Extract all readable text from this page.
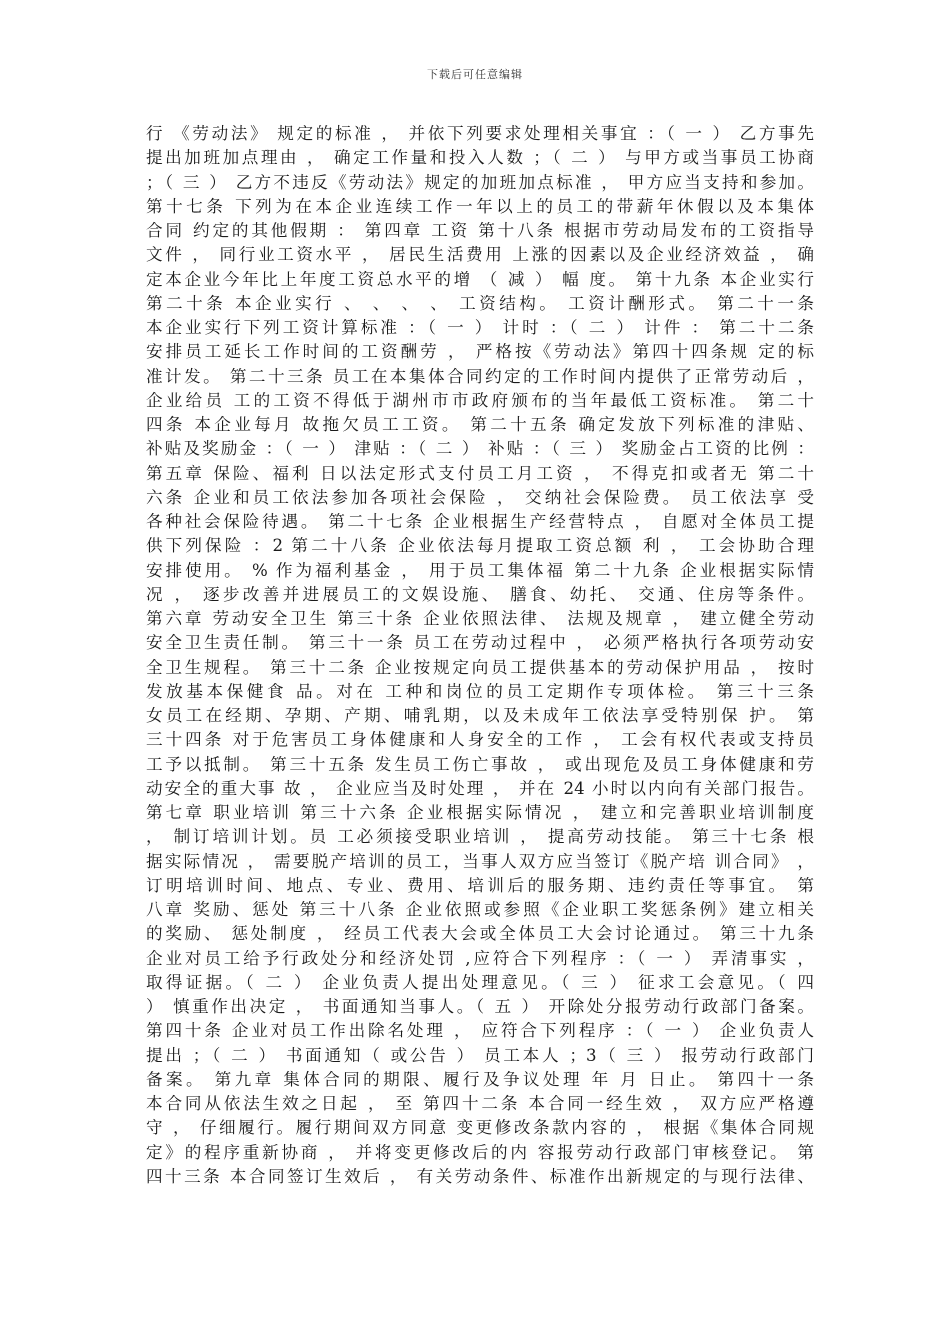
下载后可任意编辑
行 《劳动法》 规定的标准 ， 并依下列要求处理相关事宜 ：（ 一 ） 乙方事先
提出加班加点理由 ， 确定工作量和投入人数 ；（ 二 ） 与甲方或当事员工协商
；（ 三 ） 乙方不违反《劳动法》规定的加班加点标准 ， 甲方应当支持和参加。
第十七条 下列为在本企业连续工作一年以上的员工的带薪年休假以及本集体
合同 约定的其他假期 ： 第四章 工资 第十八条 根据市劳动局发布的工资指导
文件 ， 同行业工资水平 ， 居民生活费用 上涨的因素以及企业经济效益 ， 确
定本企业今年比上年度工资总水平的增 （ 减 ） 幅 度。 第十九条 本企业实行
第二十条 本企业实行 、 、 、 、 工资结构。 工资计酬形式。 第二十一条
本企业实行下列工资计算标准 ：（ 一 ） 计时 ：（ 二 ） 计件 ： 第二十二条
安排员工延长工作时间的工资酬劳 ， 严格按《劳动法》第四十四条规 定的标
准计发。 第二十三条 员工在本集体合同约定的工作时间内提供了正常劳动后 ，
企业给员 工的工资不得低于湖州市市政府颁布的当年最低工资标准。 第二十
四条 本企业每月 故拖欠员工工资。 第二十五条 确定发放下列标准的津贴、
补贴及奖励金 ：（ 一 ） 津贴 ：（ 二 ） 补贴 ：（ 三 ） 奖励金占工资的比例 ：
第五章 保险、福利 日以法定形式支付员工月工资 ， 不得克扣或者无 第二十
六条 企业和员工依法参加各项社会保险 ， 交纳社会保险费。 员工依法享 受
各种社会保险待遇。 第二十七条 企业根据生产经营特点 ， 自愿对全体员工提
供下列保险 ：2 第二十八条 企业依法每月提取工资总额 利 ， 工会协助合理
安排使用。 % 作为福利基金 ， 用于员工集体福 第二十九条 企业根据实际情
况 ， 逐步改善并进展员工的文娱设施、 膳食、幼托、 交通、住房等条件。
第六章 劳动安全卫生 第三十条 企业依照法律、 法规及规章 ， 建立健全劳动
安全卫生责任制。 第三十一条 员工在劳动过程中 ， 必须严格执行各项劳动安
全卫生规程。 第三十二条 企业按规定向员工提供基本的劳动保护用品 ， 按时
发放基本保健食 品。对在 工种和岗位的员工定期作专项体检。 第三十三条
女员工在经期、孕期、产期、哺乳期，以及未成年工依法享受特别保 护。 第
三十四条 对于危害员工身体健康和人身安全的工作 ， 工会有权代表或支持员
工予以抵制。 第三十五条 发生员工伤亡事故 ， 或出现危及员工身体健康和劳
动安全的重大事 故 ， 企业应当及时处理 ， 并在 24 小时以内向有关部门报告。
第七章 职业培训 第三十六条 企业根据实际情况 ， 建立和完善职业培训制度
， 制订培训计划。员 工必须接受职业培训 ， 提高劳动技能。 第三十七条 根
据实际情况 ， 需要脱产培训的员工，当事人双方应当签订《脱产培 训合同》 ，
订明培训时间、地点、专业、费用、培训后的服务期、违约责任等事宜。 第
八章 奖励、惩处 第三十八条 企业依照或参照《企业职工奖惩条例》建立相关
的奖励、 惩处制度 ， 经员工代表大会或全体员工大会讨论通过。 第三十九条
企业对员工给予行政处分和经济处罚 ,应符合下列程序 ：（ 一 ） 弄清事实 ，
取得证据。（ 二 ） 企业负责人提出处理意见。（ 三 ） 征求工会意见。（ 四
） 慎重作出决定 ， 书面通知当事人。（ 五 ） 开除处分报劳动行政部门备案。
第四十条 企业对员工作出除名处理 ， 应符合下列程序 ：（ 一 ） 企业负责人
提出 ；（ 二 ） 书面通知（ 或公告 ） 员工本人 ；3（ 三 ） 报劳动行政部门
备案。 第九章 集体合同的期限、履行及争议处理 年 月 日止。 第四十一条
本合同从依法生效之日起 ， 至 第四十二条 本合同一经生效 ， 双方应严格遵
守 ， 仔细履行。履行期间双方同意 变更修改条款内容的 ， 根据《集体合同规
定》的程序重新协商 ， 并将变更修改后的内 容报劳动行政部门审核登记。 第
四十三条 本合同签订生效后 ， 有关劳动条件、标准作出新规定的与现行法律、
